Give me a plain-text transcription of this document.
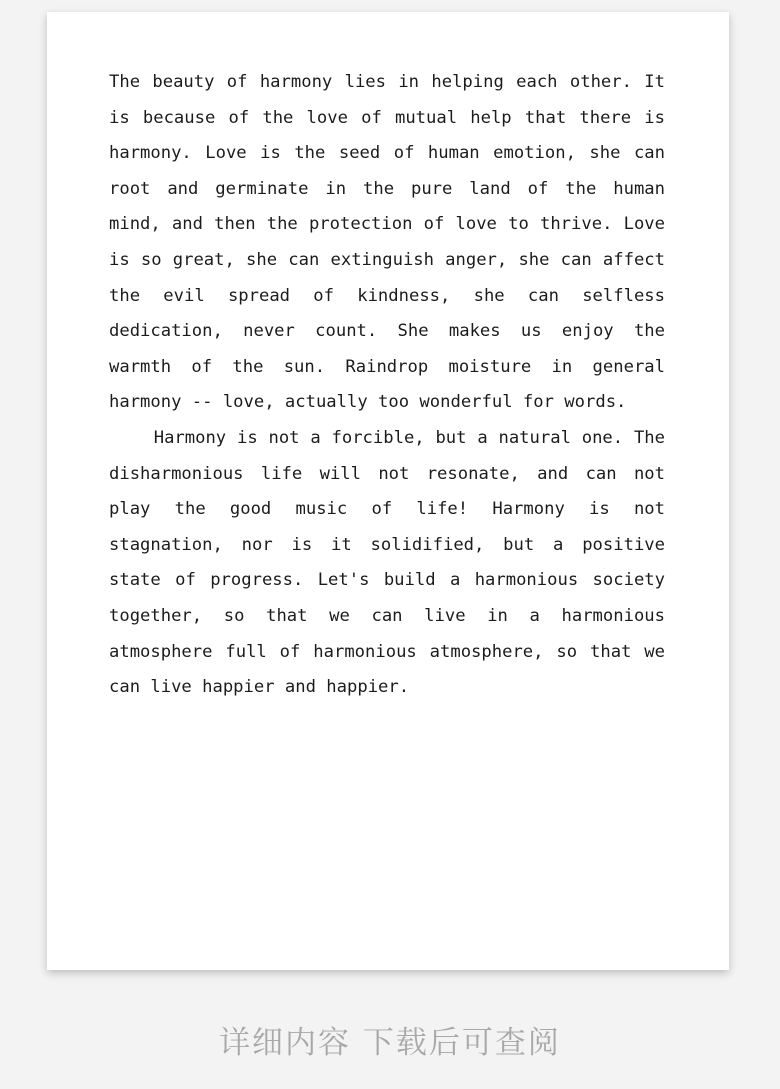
The beauty of harmony lies in helping each other. It is because of the love of mutual help that there is harmony. Love is the seed of human emotion, she can root and germinate in the pure land of the human mind, and then the protection of love to thrive. Love is so great, she can extinguish anger, she can affect the evil spread of kindness, she can selfless dedication, never count. She makes us enjoy the warmth of the sun. Raindrop moisture in general harmony -- love, actually too wonderful for words.

Harmony is not a forcible, but a natural one. The disharmonious life will not resonate, and can not play the good music of life! Harmony is not stagnation, nor is it solidified, but a positive state of progress. Let's build a harmonious society together, so that we can live in a harmonious atmosphere full of harmonious atmosphere, so that we can live happier and happier.

详细内容 下载后可查阅
